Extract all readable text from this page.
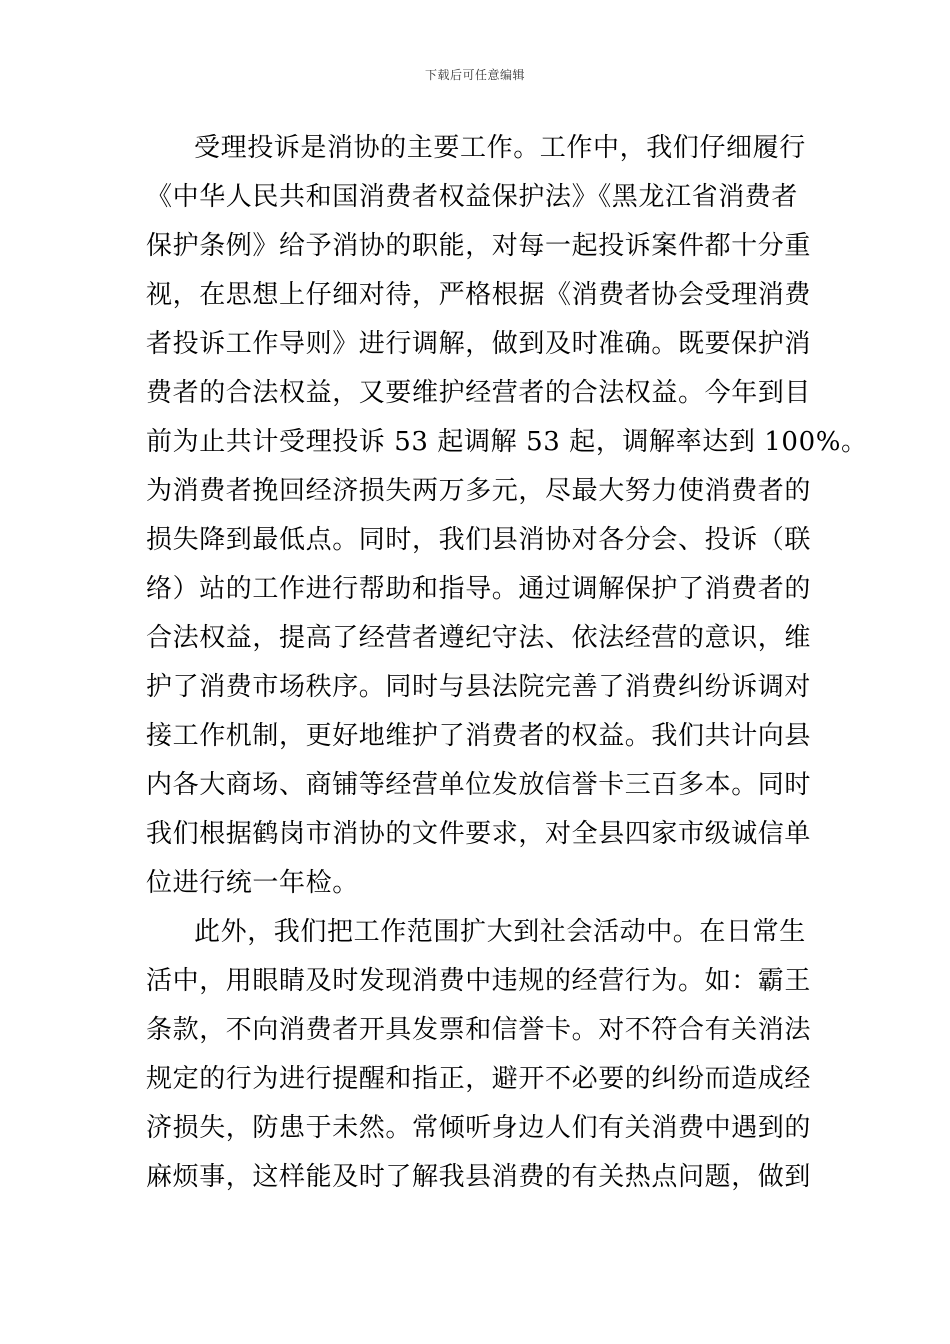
下载后可任意编辑

受理投诉是消协的主要工作。工作中，我们仔细履行
《中华人民共和国消费者权益保护法》《黑龙江省消费者
保护条例》给予消协的职能，对每一起投诉案件都十分重
视，在思想上仔细对待，严格根据《消费者协会受理消费
者投诉工作导则》进行调解，做到及时准确。既要保护消
费者的合法权益，又要维护经营者的合法权益。今年到目
前为止共计受理投诉 53 起调解 53 起，调解率达到 100%。
为消费者挽回经济损失两万多元，尽最大努力使消费者的
损失降到最低点。同时，我们县消协对各分会、投诉（联
络）站的工作进行帮助和指导。通过调解保护了消费者的
合法权益，提高了经营者遵纪守法、依法经营的意识，维
护了消费市场秩序。同时与县法院完善了消费纠纷诉调对
接工作机制，更好地维护了消费者的权益。我们共计向县
内各大商场、商铺等经营单位发放信誉卡三百多本。同时
我们根据鹤岗市消协的文件要求，对全县四家市级诚信单
位进行统一年检。

此外，我们把工作范围扩大到社会活动中。在日常生
活中，用眼睛及时发现消费中违规的经营行为。如：霸王
条款，不向消费者开具发票和信誉卡。对不符合有关消法
规定的行为进行提醒和指正，避开不必要的纠纷而造成经
济损失，防患于未然。常倾听身边人们有关消费中遇到的
麻烦事，这样能及时了解我县消费的有关热点问题，做到
